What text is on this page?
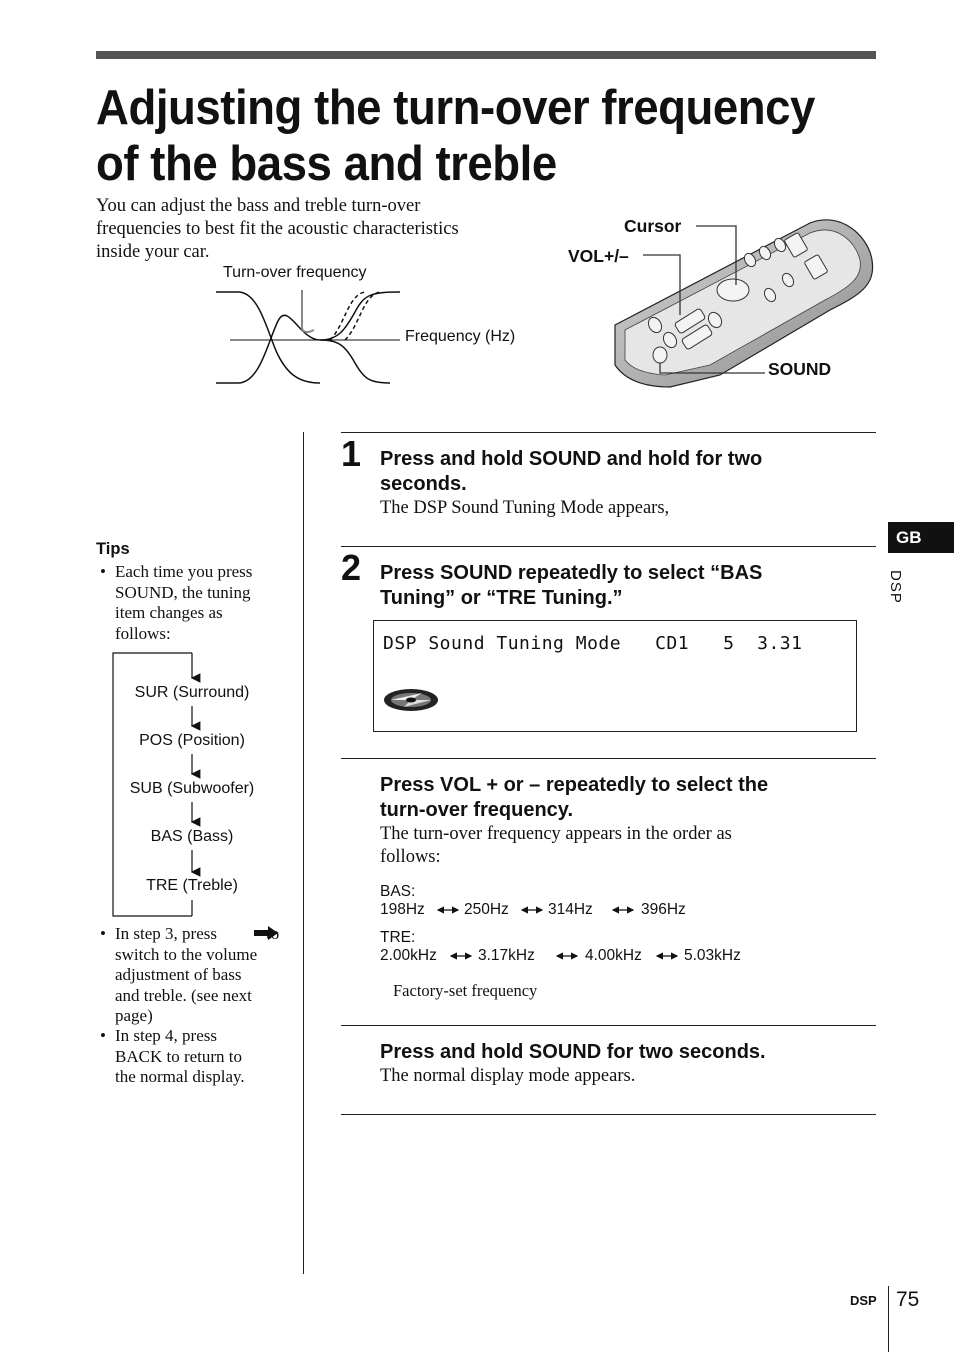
Adjusting the turn-over frequency
of the bass and treble
You can adjust the bass and treble turn-over
frequencies to best fit the acoustic characteristics
inside your car.
Turn-over frequency
Frequency (Hz)
Cursor
VOL+/–
SOUND
1 Press and hold SOUND and hold for two
seconds.
The DSP Sound Tuning Mode appears,
2 Press SOUND repeatedly to select “BAS
Tuning” or “TRE Tuning.”
DSP Sound Tuning Mode   CD1   5  3.31
Press VOL + or – repeatedly to select the
turn-over frequency.
The turn-over frequency appears in the order as
follows:
BAS:
198Hz	250Hz	314Hz	396Hz
TRE:
2.00kHz	3.17kHz	4.00kHz	5.03kHz
Factory-set frequency
Press and hold SOUND for two seconds.
The normal display mode appears.
Tips
• Each time you press
SOUND, the tuning
item changes as
follows:
SUR (Surround)
POS (Position)
SUB (Subwoofer)
BAS (Bass)
TRE (Treble)
• In step 3, press	to
switch to the volume
adjustment of bass
and treble. (see next
page)
• In step 4, press
BACK to return to
the normal display.
GB
DSP
DSP 75
